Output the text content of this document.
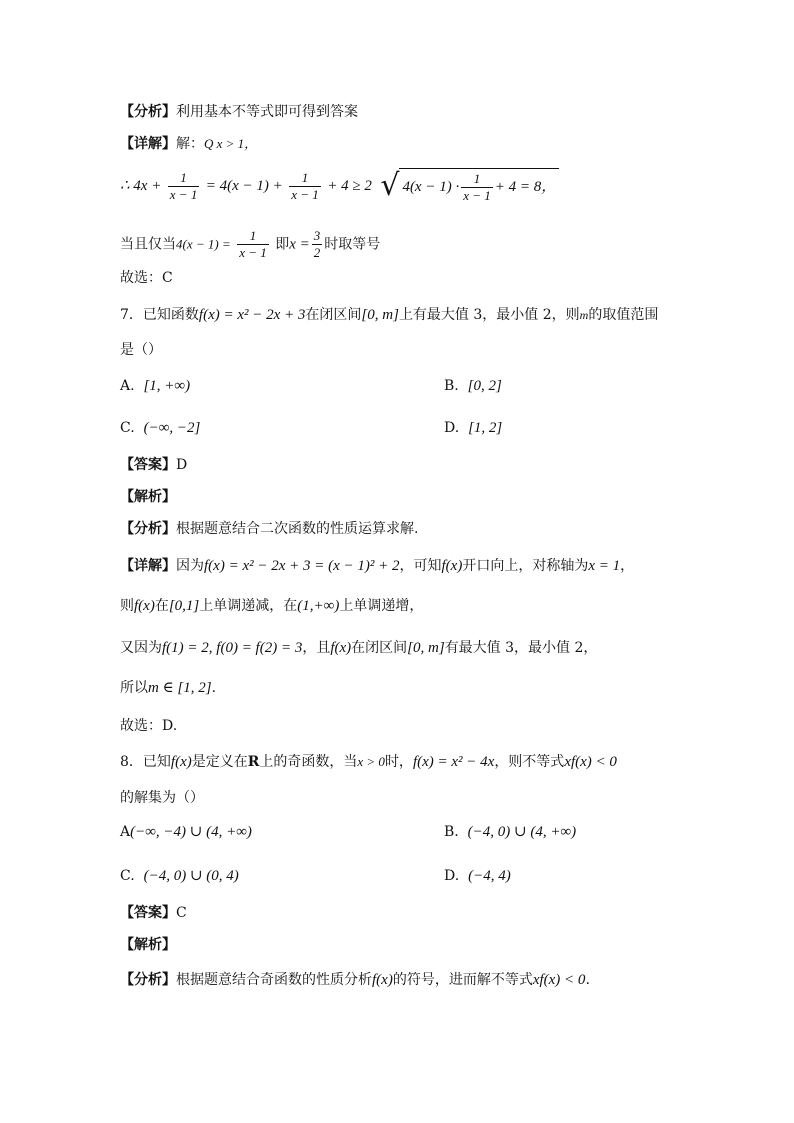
【分析】利用基本不等式即可得到答案
【详解】解：Q x > 1，
∴ $4x + \frac{1}{x - 1} = 4(x - 1) + \frac{1}{x - 1} + 4 \ge 2$ √ $4(x - 1) \cdot \frac{1}{x - 1} + 4 = 8$，
当且仅当$4(x - 1) = \frac{1}{x - 1}$ 即$x = \frac{3}{2}$ 时取等号
故选：C
7．已知函数f(x) = x² − 2x + 3在闭区间[0, m]上有最大值 3，最小值 2，则m的取值范围
是（）
A. [1, +∞)	B. [0, 2]
C. (−∞, −2]	D. [1, 2]
【答案】D
【解析】
【分析】根据题意结合二次函数的性质运算求解.
【详解】因为f(x) = x² − 2x + 3 = (x − 1)² + 2，可知f(x)开口向上，对称轴为x = 1，
则f(x)在[0,1]上单调递减，在(1,+∞)上单调递增，
又因为f(1) = 2, f(0) = f(2) = 3，且f(x)在闭区间[0, m]有最大值 3，最小值 2，
所以m ∈ [1, 2].
故选：D.
8．已知f(x)是定义在R上的奇函数，当x > 0时，f(x) = x² − 4x，则不等式xf(x) < 0
的解集为（）
A(−∞, −4) ∪ (4, +∞)	B. (−4, 0) ∪ (4, +∞)
C. (−4, 0) ∪ (0, 4)	D. (−4, 4)
【答案】C
【解析】
【分析】根据题意结合奇函数的性质分析f(x)的符号，进而解不等式xf(x) < 0.
